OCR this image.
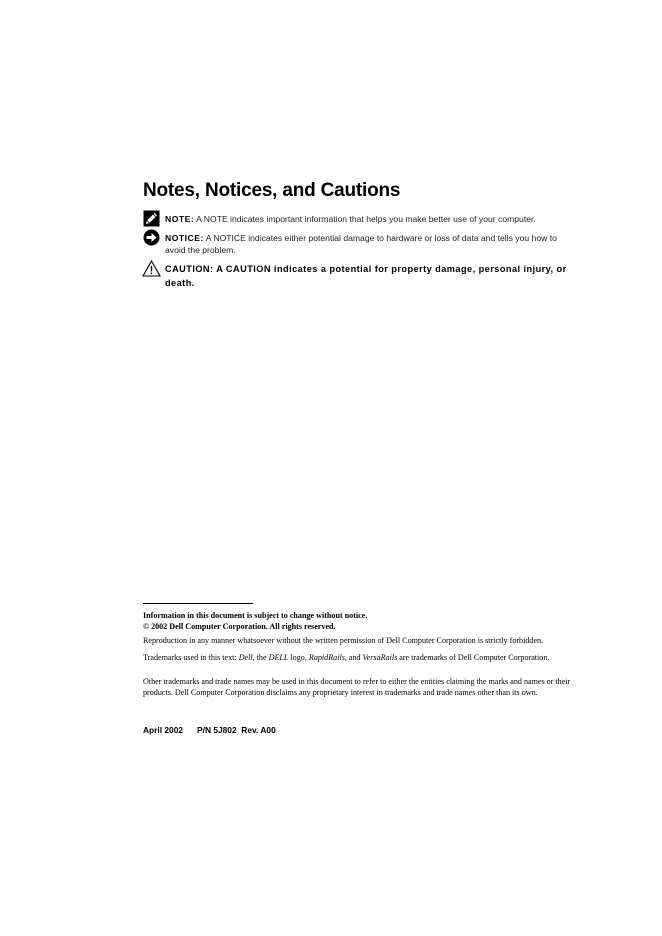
Notes, Notices, and Cautions
NOTE: A NOTE indicates important information that helps you make better use of your computer.
NOTICE: A NOTICE indicates either potential damage to hardware or loss of data and tells you how to avoid the problem.
CAUTION: A CAUTION indicates a potential for property damage, personal injury, or death.
Information in this document is subject to change without notice.
© 2002 Dell Computer Corporation. All rights reserved.
Reproduction in any manner whatsoever without the written permission of Dell Computer Corporation is strictly forbidden.
Trademarks used in this text: Dell, the DELL logo, RapidRails, and VersaRails are trademarks of Dell Computer Corporation.
Other trademarks and trade names may be used in this document to refer to either the entities claiming the marks and names or their products. Dell Computer Corporation disclaims any proprietary interest in trademarks and trade names other than its own.
April 2002 P/N 5J802 Rev. A00
